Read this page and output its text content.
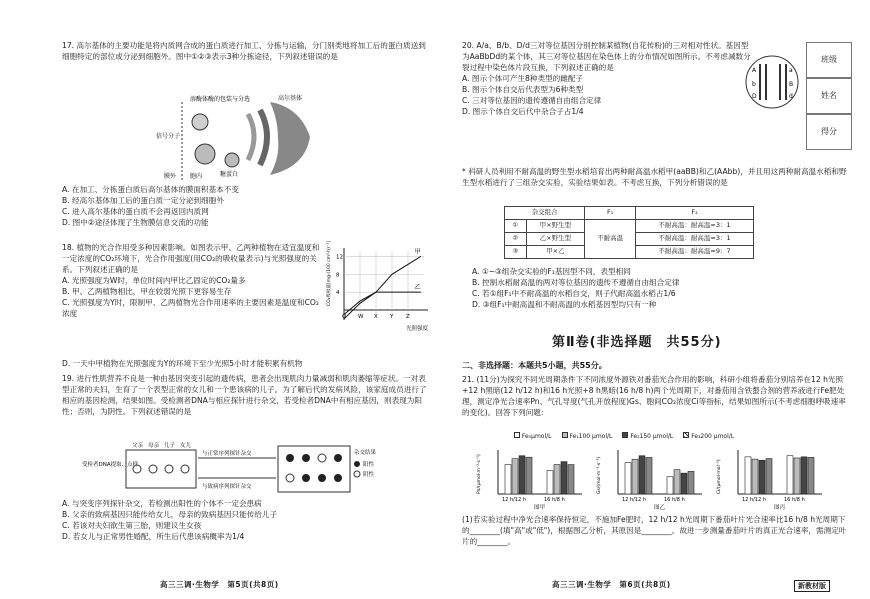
17. 高尔基体的主要功能是将内质网合成的蛋白质进行加工、分拣与运输，分门别类地将加工后的蛋白质送到细胞特定的部位或分泌到细胞外。图中①②③表示3种分拣途径，下列叙述错误的是
溶酶体酶的包装与分选
信号分子
高尔基体
糖蛋白
膜外 胞内
A. 在加工、分拣蛋白质后高尔基体的膜面积基本不变
B. 经高尔基体加工后的蛋白质一定分泌到细胞外
C. 进入高尔基体的蛋白质不会再返回内质网
D. 图中②途径体现了生物膜信息交流的功能
18. 植物的光合作用受多种因素影响。如图表示甲、乙两种植物在适宜温度和一定浓度的CO₂环境下，光合作用强度(用CO₂的吸收量表示)与光照强度的关系。下列叙述正确的是
A. 光照强度为W时，单位时间内甲比乙固定的CO₂量多
B. 甲、乙两植物相比，甲在较弱光照下更容易生存
C. 光照强度为Y时，限制甲、乙两植物光合作用速率的主要因素是温度和CO₂浓度
D. 一天中甲植物在光照强度为Y的环境下至少光照5小时才能积累有机物
4
8
12
O W X Y Z
甲
乙
CO₂吸收量[mg·(100 cm²·h)⁻¹]
光照强度
19. 进行性肌营养不良是一种由基因突变引起的遗传病，患者会出现肌肉力量减弱和肌肉萎缩等症状。一对表型正常的夫妇，生育了一个表型正常的女儿和一个患该病的儿子。为了解后代的发病风险，该家庭成员进行了相应的基因检测，结果如图。受检测者DNA与相应探针进行杂交，若受检者DNA中有相应基因，则表现为阳性；否则，为阴性。下列叙述错误的是
受检者DNA提取、点样
父亲 母亲 儿子 女儿
与正常序列探针杂交
与致病序列探针杂交
杂交结果
阳性
阴性
A. 与突变序列探针杂交，若检测出阳性的个体不一定会患病
B. 父亲的致病基因只能传给女儿，母亲的致病基因只能传给儿子
C. 若该对夫妇欲生第三胎，则建议生女孩
D. 若女儿与正常男性婚配，所生后代患该病概率为1/4
高三三调·生物学　第5页(共8页)
20. A/a、B/b、D/d三对等位基因分别控制某植物(自花传粉)的三对相对性状。基因型为AaBbDd的某个体，其三对等位基因在染色体上的分布情况如图所示。不考虑减数分裂过程中染色体片段互换，下列叙述正确的是
A. 图示个体可产生8种类型的雌配子
B. 图示个体自交后代表型为6种类型
C. 三对等位基因的遗传遵循自由组合定律
D. 图示个体自交后代中杂合子占1/4
A
b
D
a
B
d
班级
姓名
得分
* 科研人员利用不耐高温的野生型水稻培育出两种耐高温水稻甲(aaBB)和乙(AAbb)，并且用这两种耐高温水稻和野生型水稻进行了三组杂交实验，实验结果如表。不考虑互换，下列分析错误的是
杂交组合		F₁	F₂
①	甲×野生型	不耐高温	不耐高温：耐高温=3：1
②	乙×野生型		不耐高温：耐高温=3：1
③	甲×乙		不耐高温：耐高温=9：7
A. ①~③组杂交实验的F₁基因型不同，表型相同
B. 控制水稻耐高温的两对等位基因的遗传不遵循自由组合定律
C. 若①组F₁中不耐高温的水稻自交，则子代耐高温水稻占1/6
D. ③组F₁中耐高温和不耐高温的水稻基因型均只有一种
第Ⅱ卷(非选择题　共55分)
二、非选择题：本题共5小题，共55分。
21. (11分)为探究不同光周期条件下不同浓度外源铁对番茄光合作用的影响，科研小组将番茄分别培养在12 h光照+12 h黑暗(12 h/12 h)和16 h光照+8 h黑暗(16 h/8 h)两个光周期下，对番茄用含铁螯合剂的营养液进行Fe肥处理，测定净光合速率Pn、气孔导度(气孔开放程度)Gs、胞间CO₂浓度Ci等指标，结果如图所示(不考虑细胞呼吸速率的变化)。回答下列问题：
Fe₀μmol/L	Fe₁100 μmol/L	Fe₂150 μmol/L	Fe₃200 μmol/L
12 h/12 h	16 h/8 h
Pn/(μmol·m⁻²·s⁻¹)
图甲
12 h/12 h	16 h/8 h
Gs/(mol·m⁻²·s⁻¹)
图乙
12 h/12 h	16 h/8 h
Ci/(μmol·mol⁻¹)
图丙
(1)若实验过程中净光合速率保持恒定，不施加Fe肥时，12 h/12 h光周期下番茄叶片光合速率比16 h/8 h光周期下的________(填"高"或"低")，根据图乙分析，其原因是________。故进一步测量番茄叶片的真正光合速率，需测定叶片的________。
高三三调·生物学　第6页(共8页)	新教材版
